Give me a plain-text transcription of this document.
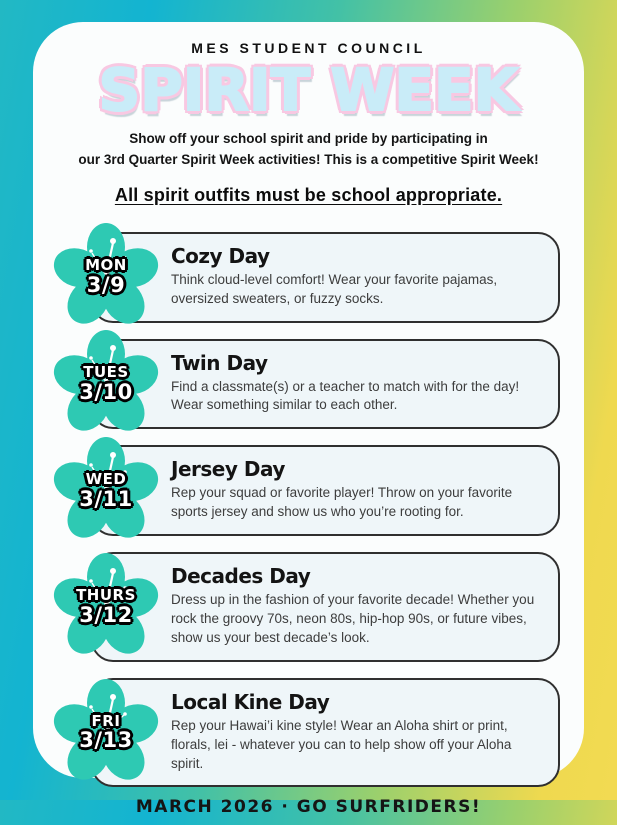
MES STUDENT COUNCIL
SPIRIT WEEK
Show off your school spirit and pride by participating in
our 3rd Quarter Spirit Week activities! This is a competitive Spirit Week!
All spirit outfits must be school appropriate.
MON
3/9
Cozy Day
Think cloud-level comfort! Wear your favorite pajamas, oversized sweaters, or fuzzy socks.
TUES
3/10
Twin Day
Find a classmate(s) or a teacher to match with for the day! Wear something similar to each other.
WED
3/11
Jersey Day
Rep your squad or favorite player! Throw on your favorite sports jersey and show us who you’re rooting for.
THURS
3/12
Decades Day
Dress up in the fashion of your favorite decade! Whether you rock the groovy 70s, neon 80s, hip-hop 90s, or future vibes, show us your best decade’s look.
FRI
3/13
Local Kine Day
Rep your Hawai’i kine style! Wear an Aloha shirt or print, florals, lei - whatever you can to help show off your Aloha spirit.
MARCH 2026 · GO SURFRIDERS!
